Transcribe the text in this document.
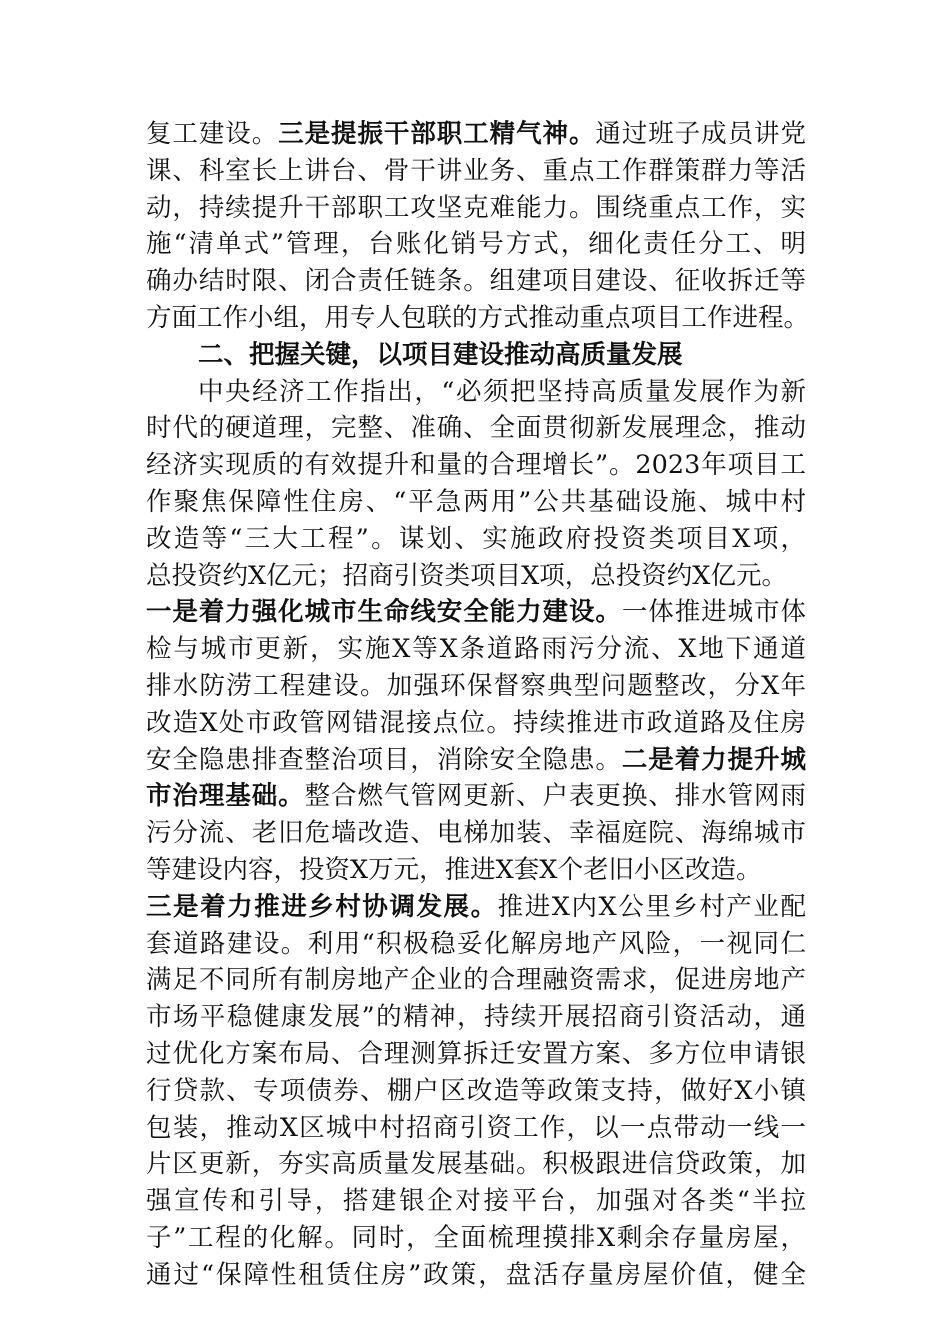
复工建设。三是提振干部职工精气神。通过班子成员讲党
课、科室长上讲台、骨干讲业务、重点工作群策群力等活
动，持续提升干部职工攻坚克难能力。围绕重点工作，实
施“清单式”管理，台账化销号方式，细化责任分工、明
确办结时限、闭合责任链条。组建项目建设、征收拆迁等
方面工作小组，用专人包联的方式推动重点项目工作进程。
二、把握关键，以项目建设推动高质量发展
中央经济工作指出，“必须把坚持高质量发展作为新
时代的硬道理，完整、准确、全面贯彻新发展理念，推动
经济实现质的有效提升和量的合理增长”。2023年项目工
作聚焦保障性住房、“平急两用”公共基础设施、城中村
改造等“三大工程”。谋划、实施政府投资类项目X项，
总投资约X亿元；招商引资类项目X项，总投资约X亿元。
一是着力强化城市生命线安全能力建设。一体推进城市体
检与城市更新，实施X等X条道路雨污分流、X地下通道
排水防涝工程建设。加强环保督察典型问题整改，分X年
改造X处市政管网错混接点位。持续推进市政道路及住房
安全隐患排查整治项目，消除安全隐患。二是着力提升城
市治理基础。整合燃气管网更新、户表更换、排水管网雨
污分流、老旧危墙改造、电梯加装、幸福庭院、海绵城市
等建设内容，投资X万元，推进X套X个老旧小区改造。
三是着力推进乡村协调发展。推进X内X公里乡村产业配
套道路建设。利用“积极稳妥化解房地产风险，一视同仁
满足不同所有制房地产企业的合理融资需求，促进房地产
市场平稳健康发展”的精神，持续开展招商引资活动，通
过优化方案布局、合理测算拆迁安置方案、多方位申请银
行贷款、专项债券、棚户区改造等政策支持，做好X小镇
包装，推动X区城中村招商引资工作，以一点带动一线一
片区更新，夯实高质量发展基础。积极跟进信贷政策，加
强宣传和引导，搭建银企对接平台，加强对各类“半拉
子”工程的化解。同时，全面梳理摸排X剩余存量房屋，
通过“保障性租赁住房”政策，盘活存量房屋价值，健全
